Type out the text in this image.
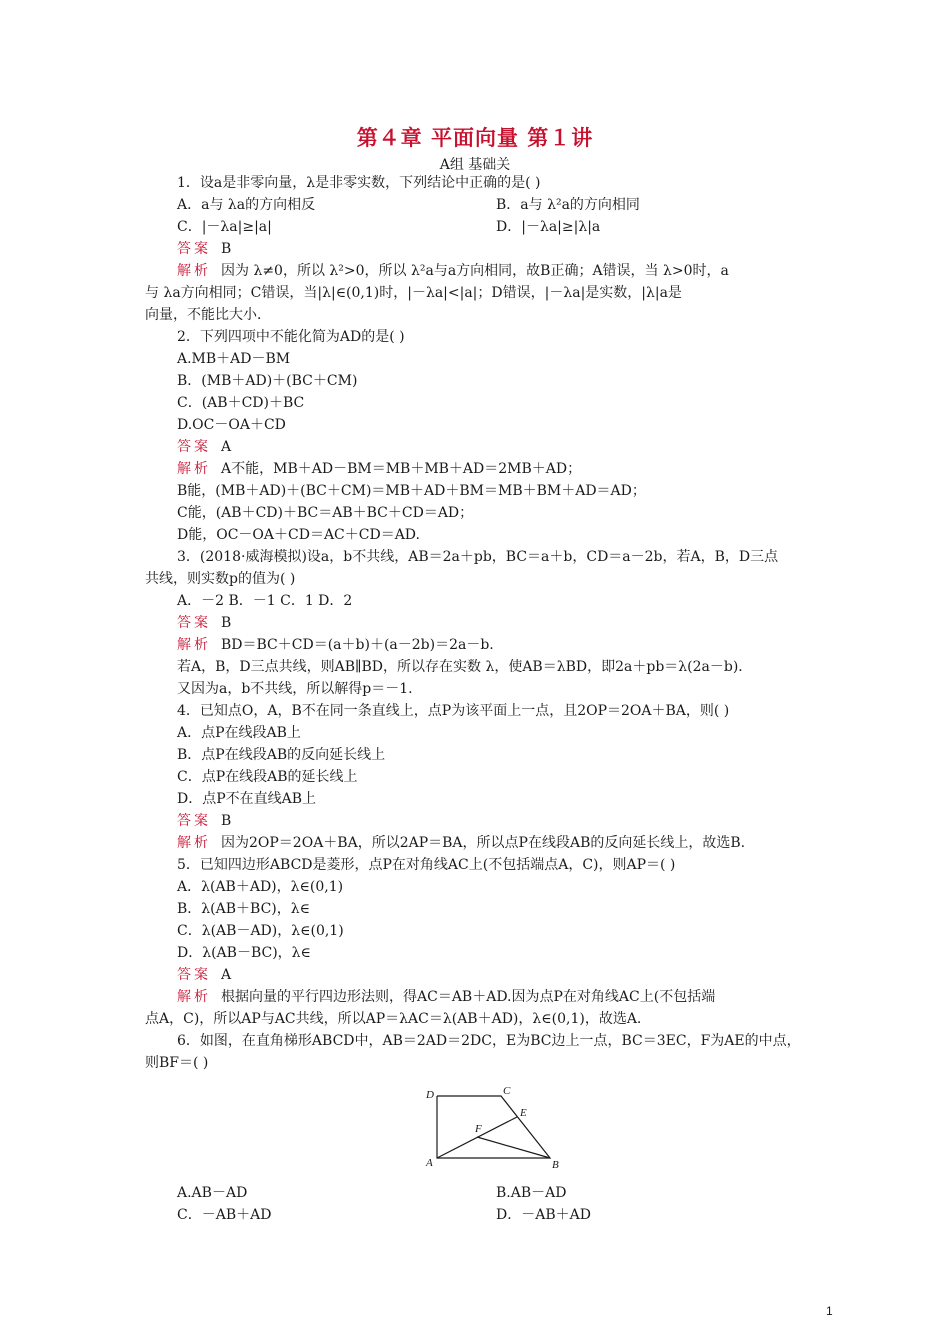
第４章 平面向量 第１讲
A组 基础关
1．设a是非零向量，λ是非零实数，下列结论中正确的是( )
A．a与 λa的方向相反	B．a与 λ²a的方向相同
C．|－λa|≥|a|	D．|－λa|≥|λ|a
答案 B
解析 因为 λ≠0，所以 λ²>0，所以 λ²a与a方向相同，故B正确；A错误，当 λ>0时，a
与 λa方向相同；C错误，当|λ|∈(0,1)时，|－λa|<|a|；D错误，|－λa|是实数，|λ|a是
向量，不能比大小．
2．下列四项中不能化简为AD的是( )
A.MB＋AD－BM
B．(MB＋AD)＋(BC＋CM)
C．(AB＋CD)＋BC
D.OC－OA＋CD
答案 A
解析 A不能，MB＋AD－BM＝MB＋MB＋AD＝2MB＋AD；
B能，(MB＋AD)＋(BC＋CM)＝MB＋AD＋BM＝MB＋BM＋AD＝AD；
C能，(AB＋CD)＋BC＝AB＋BC＋CD＝AD；
D能，OC－OA＋CD＝AC＋CD＝AD.
3．(2018·威海模拟)设a，b不共线，AB＝2a＋pb，BC＝a＋b，CD＝a－2b，若A，B，D三点
共线，则实数p的值为( )
A．－2 B．－1 C．1 D．2
答案 B
解析 BD＝BC＋CD＝(a＋b)＋(a－2b)＝2a－b.
若A，B，D三点共线，则AB∥BD，所以存在实数 λ，使AB＝λBD，即2a＋pb＝λ(2a－b)．
又因为a，b不共线，所以解得p＝－1.
4．已知点O，A，B不在同一条直线上，点P为该平面上一点，且2OP＝2OA＋BA，则( )
A．点P在线段AB上
B．点P在线段AB的反向延长线上
C．点P在线段AB的延长线上
D．点P不在直线AB上
答案 B
解析 因为2OP＝2OA＋BA，所以2AP＝BA，所以点P在线段AB的反向延长线上，故选B.
5．已知四边形ABCD是菱形，点P在对角线AC上(不包括端点A，C)，则AP＝( )
A．λ(AB＋AD)，λ∈(0,1)
B．λ(AB＋BC)，λ∈
C．λ(AB－AD)，λ∈(0,1)
D．λ(AB－BC)，λ∈
答案 A
解析 根据向量的平行四边形法则，得AC＝AB＋AD.因为点P在对角线AC上(不包括端
点A，C)，所以AP与AC共线，所以AP＝λAC＝λ(AB＋AD)，λ∈(0,1)，故选A.
6．如图，在直角梯形ABCD中，AB＝2AD＝2DC，E为BC边上一点，BC＝3EC，F为AE的中点，
则BF＝( )
D	C
E
F
A	B
A.AB－AD	B.AB－AD
C．－AB＋AD	D．－AB＋AD
1
